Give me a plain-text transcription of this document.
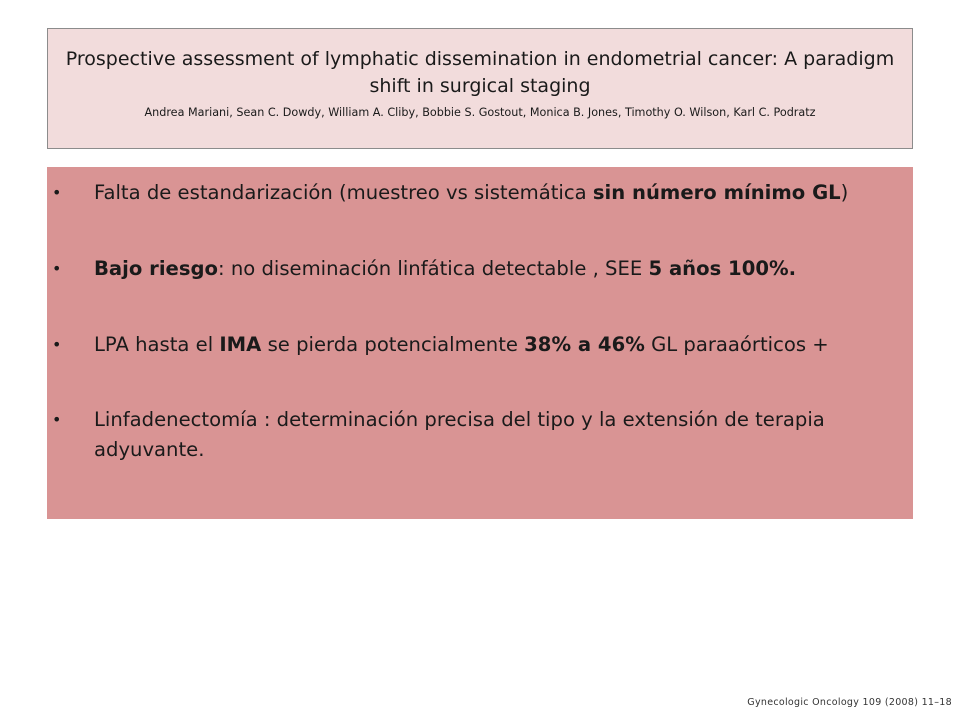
Prospective assessment of lymphatic dissemination in endometrial cancer: A paradigm shift in surgical staging
Andrea Mariani, Sean C. Dowdy, William A. Cliby, Bobbie S. Gostout, Monica B. Jones, Timothy O. Wilson, Karl C. Podratz
• Falta de estandarización (muestreo vs sistemática sin número mínimo GL)
• Bajo riesgo: no diseminación linfática detectable , SEE 5 años 100%.
• LPA hasta el IMA se pierda potencialmente 38% a 46% GL paraaórticos +
• Linfadenectomía : determinación precisa del tipo y la extensión de terapia adyuvante.
Gynecologic Oncology 109 (2008) 11–18
